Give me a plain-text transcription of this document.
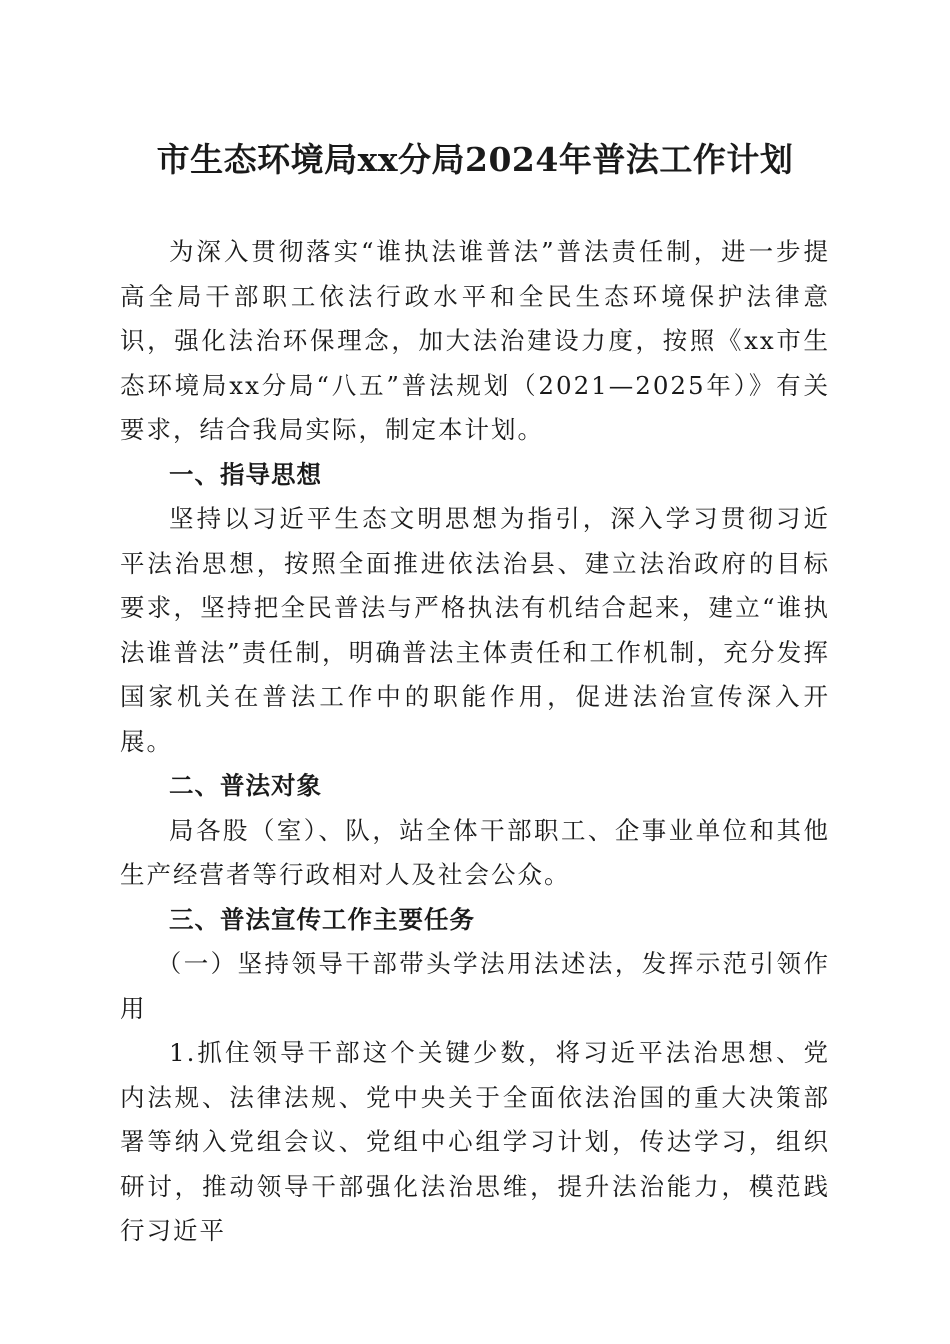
市生态环境局xx分局2024年普法工作计划

为深入贯彻落实“谁执法谁普法”普法责任制，进一步提高全局干部职工依法行政水平和全民生态环境保护法律意识，强化法治环保理念，加大法治建设力度，按照《xx市生态环境局xx分局“八五”普法规划（2021—2025年）》有关要求，结合我局实际，制定本计划。

一、指导思想

坚持以习近平生态文明思想为指引，深入学习贯彻习近平法治思想，按照全面推进依法治县、建立法治政府的目标要求，坚持把全民普法与严格执法有机结合起来，建立“谁执法谁普法”责任制，明确普法主体责任和工作机制，充分发挥国家机关在普法工作中的职能作用，促进法治宣传深入开展。

二、普法对象

局各股（室）、队，站全体干部职工、企事业单位和其他生产经营者等行政相对人及社会公众。

三、普法宣传工作主要任务

（一）坚持领导干部带头学法用法述法，发挥示范引领作用

1.抓住领导干部这个关键少数，将习近平法治思想、党内法规、法律法规、党中央关于全面依法治国的重大决策部署等纳入党组会议、党组中心组学习计划，传达学习，组织研讨，推动领导干部强化法治思维，提升法治能力，模范践行习近平
